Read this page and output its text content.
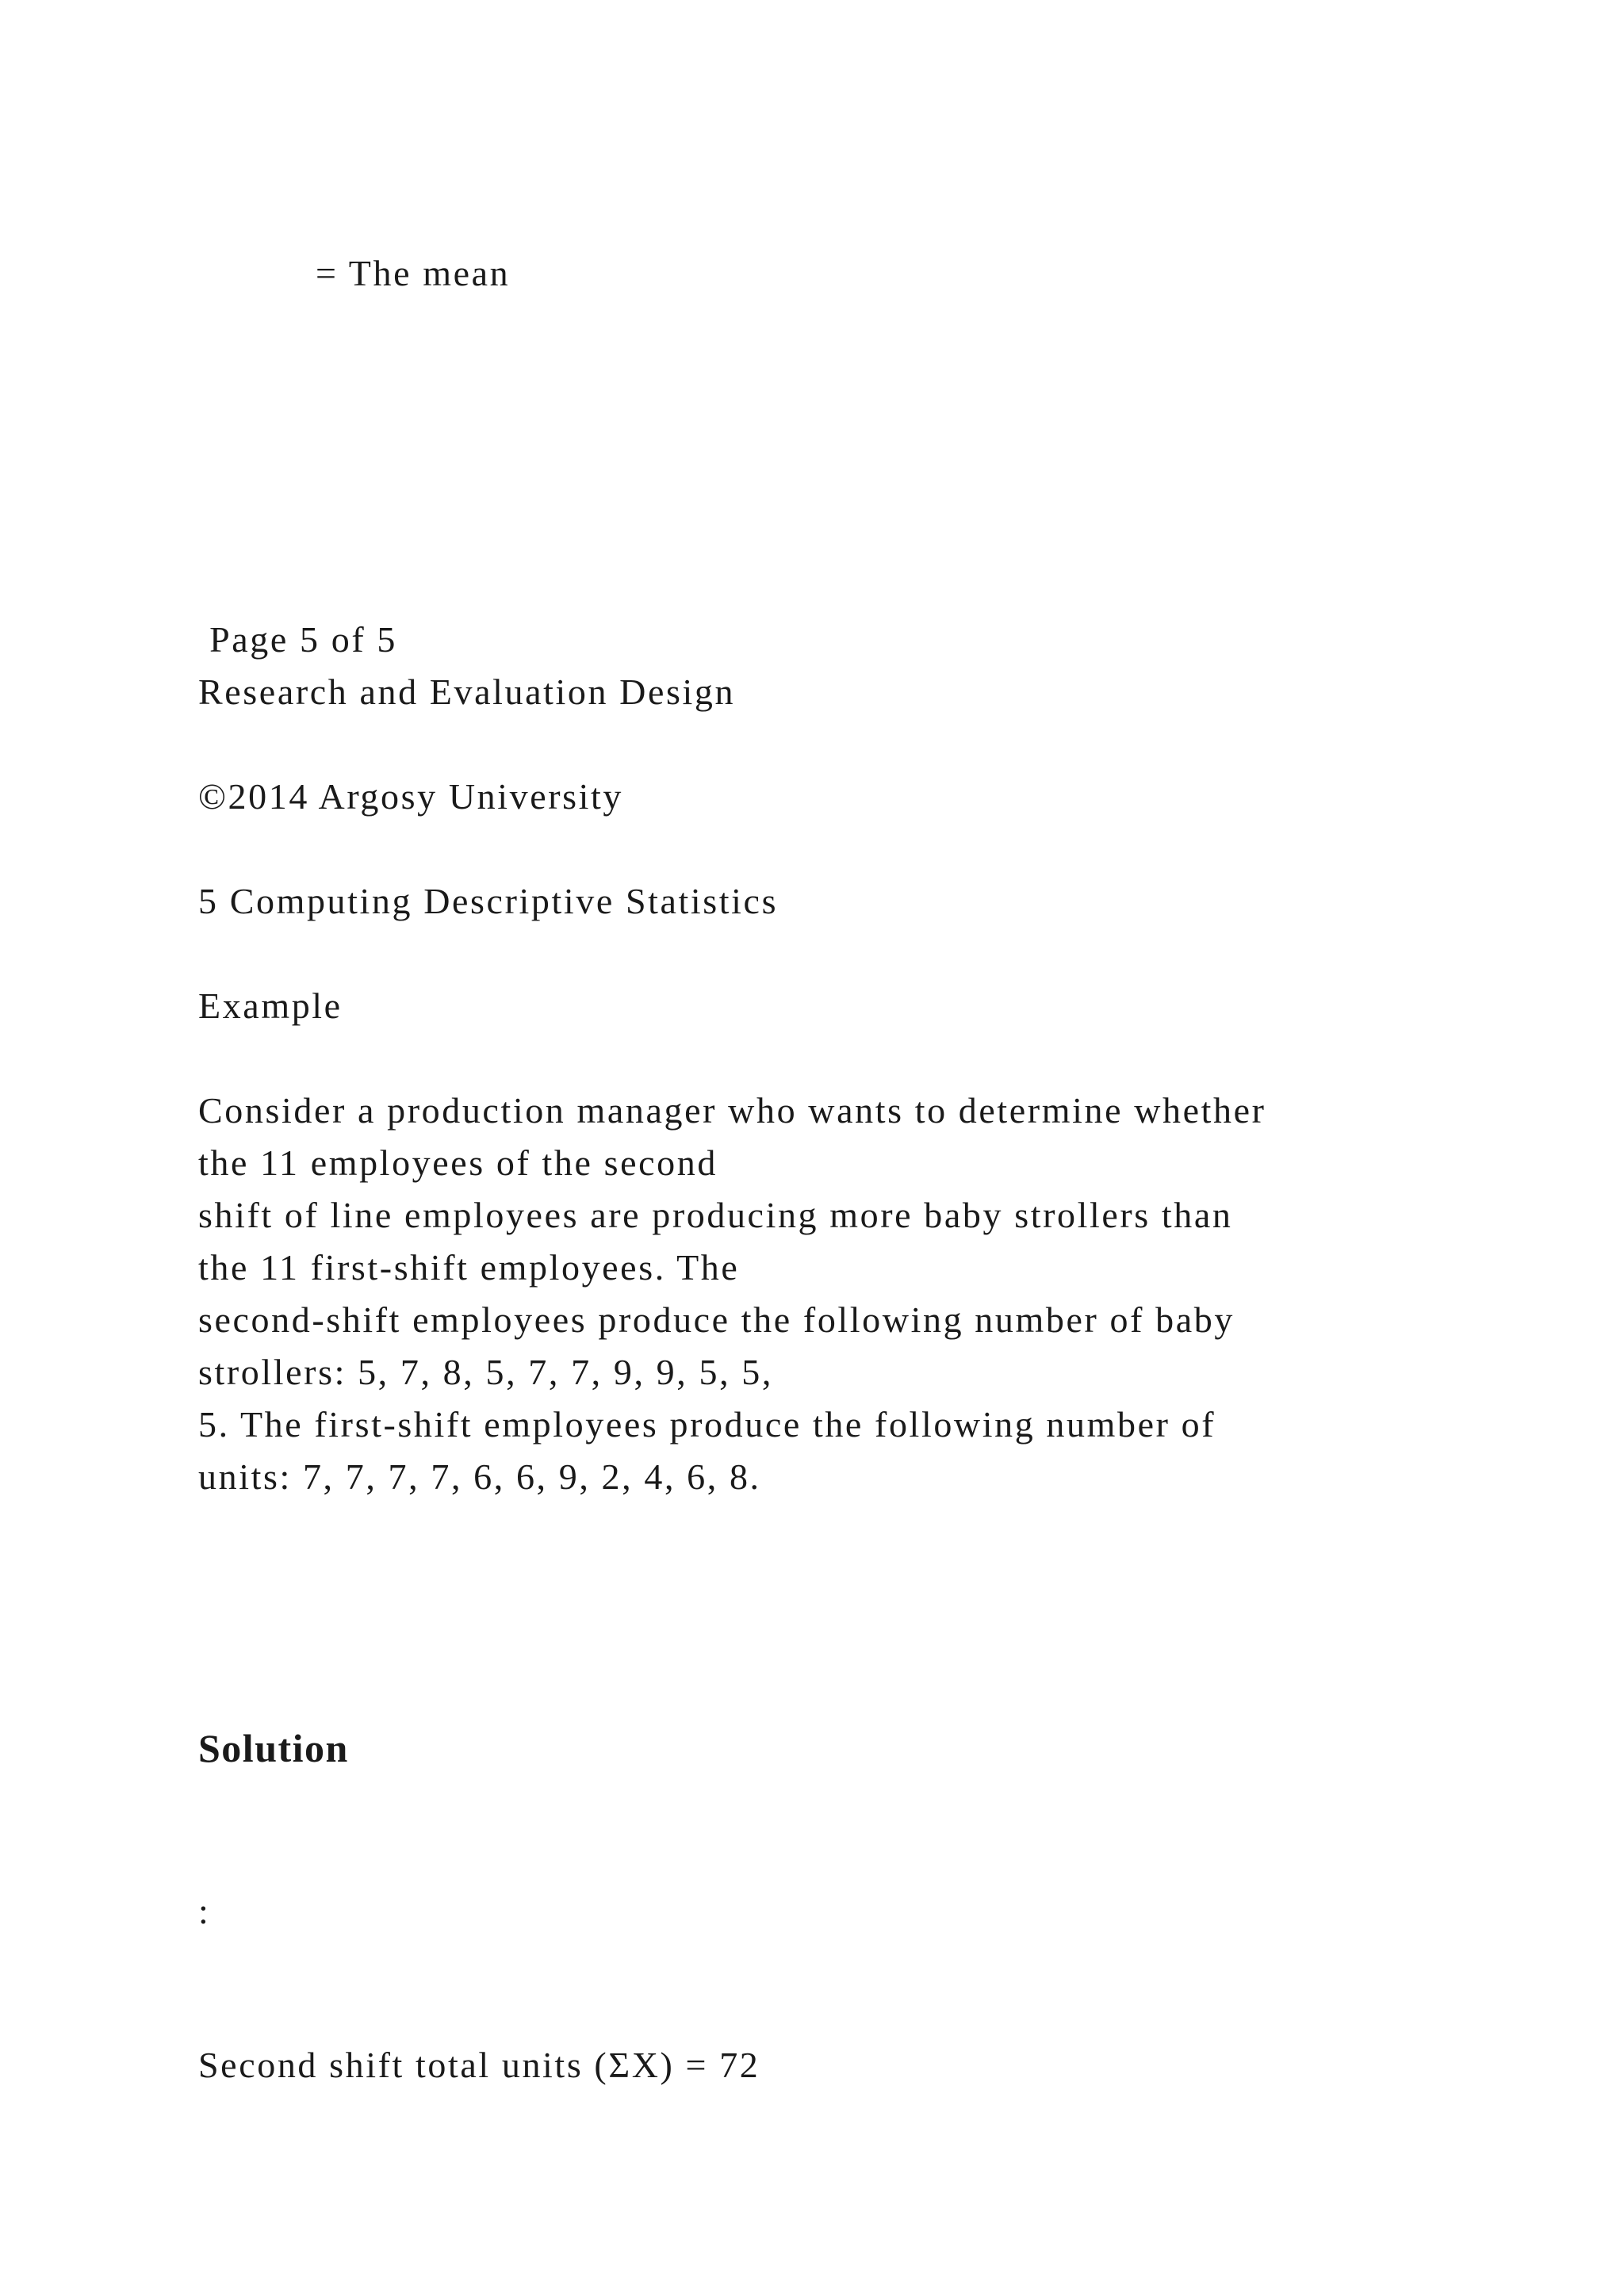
= The mean
Page 5 of 5
Research and Evaluation Design
©2014 Argosy University
5 Computing Descriptive Statistics
Example
Consider a production manager who wants to determine whether
the 11 employees of the second
shift of line employees are producing more baby strollers than
the 11 first-shift employees. The
second-shift employees produce the following number of baby
strollers: 5, 7, 8, 5, 7, 7, 9, 9, 5, 5,
5. The first-shift employees produce the following number of
units: 7, 7, 7, 7, 6, 6, 9, 2, 4, 6, 8.
Solution
:
Second shift total units (ΣX) = 72
